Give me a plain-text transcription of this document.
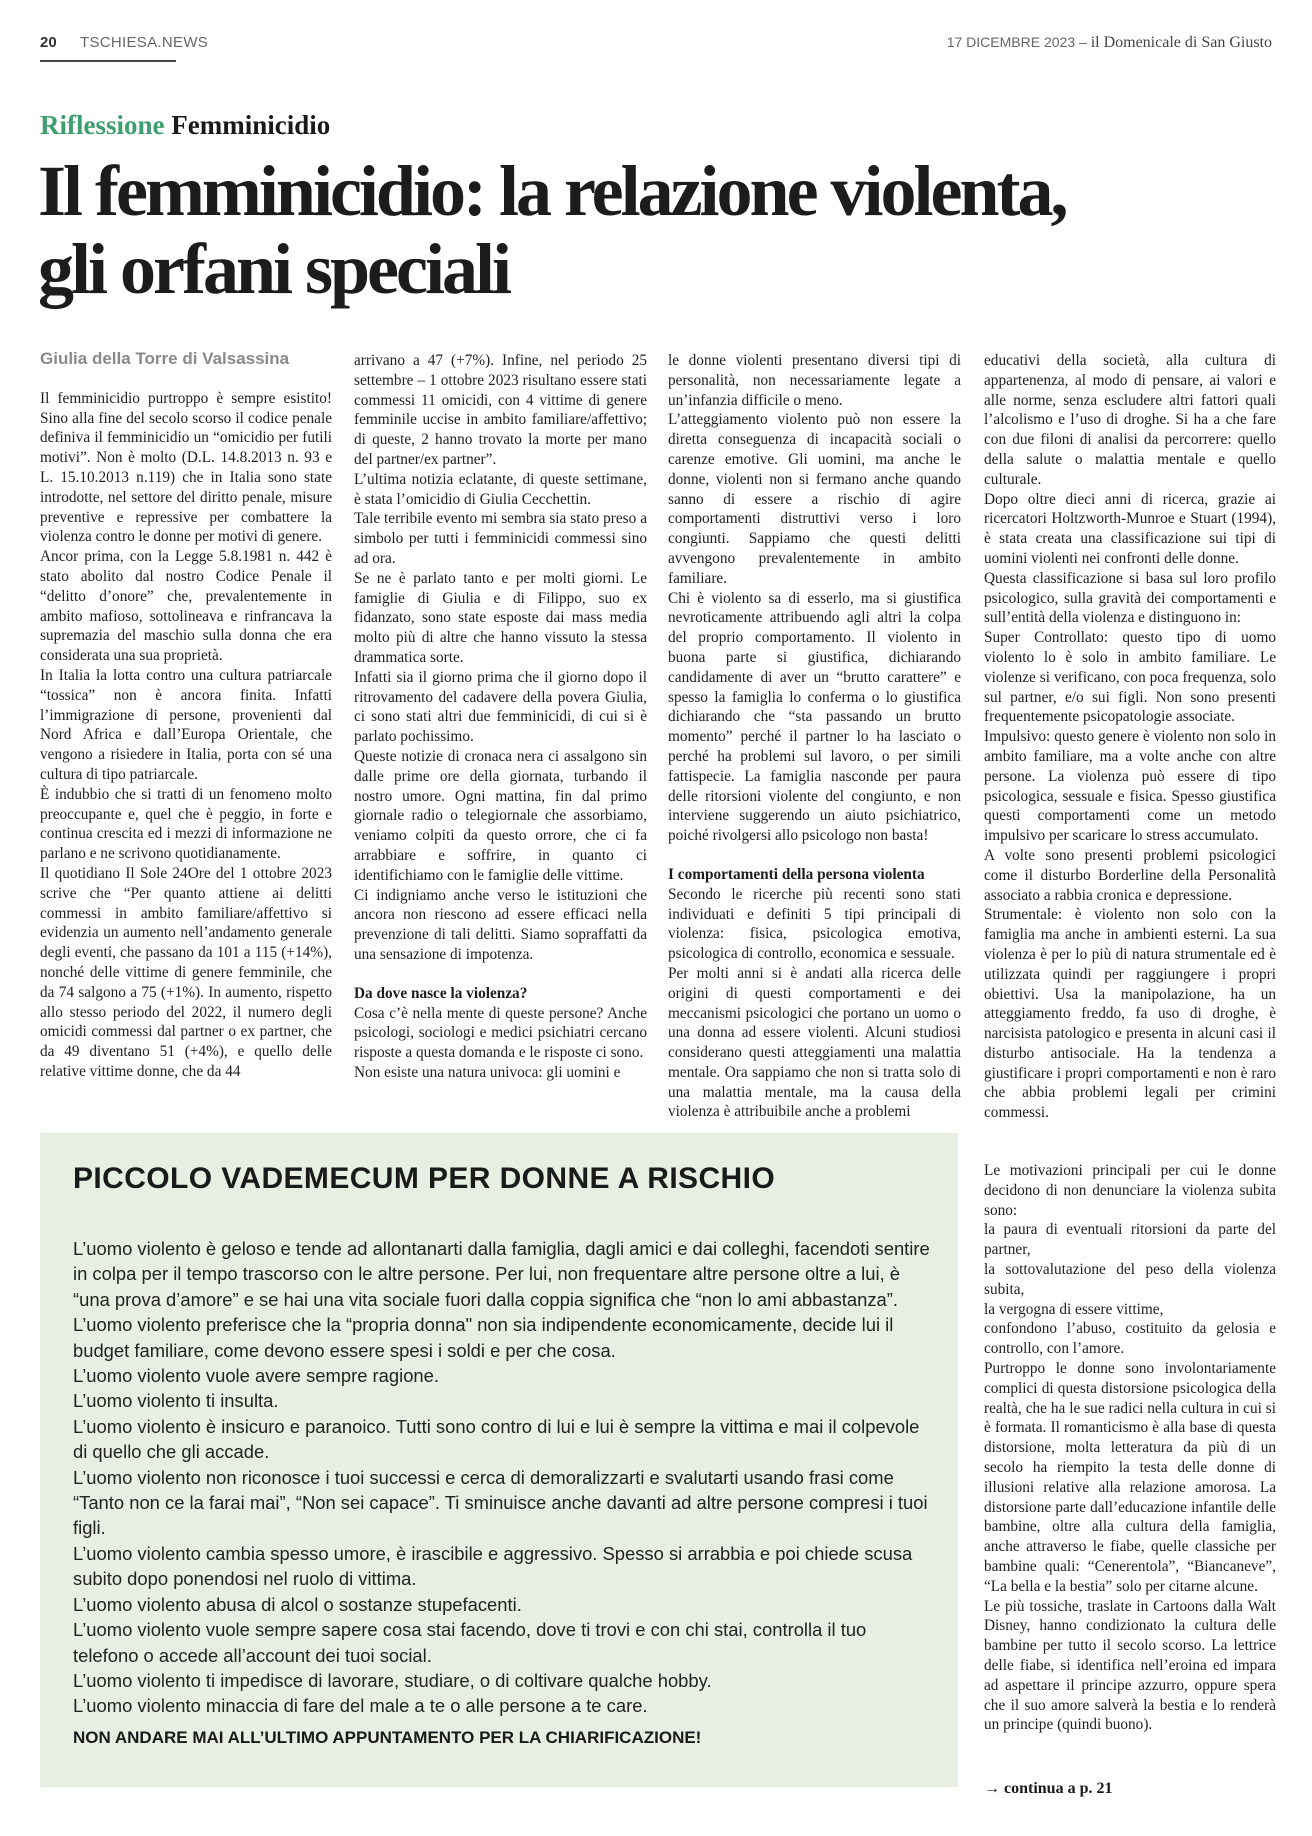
20 TSCHIESA.NEWS	17 DICEMBRE 2023 – il Domenicale di San Giusto
Riflessione Femminicidio
Il femminicidio: la relazione violenta,
gli orfani speciali
Giulia della Torre di Valsassina

Il femminicidio purtroppo è sempre esistito! Sino alla fine del secolo scorso il codice penale definiva il femminicidio un “omicidio per futili motivi”. Non è molto (D.L. 14.8.2013 n. 93 e L. 15.10.2013 n.119) che in Italia sono state introdotte, nel settore del diritto penale, misure preventive e repressive per combattere la violenza contro le donne per motivi di genere.

Ancor prima, con la Legge 5.8.1981 n. 442 è stato abolito dal nostro Codice Penale il “delitto d’onore” che, prevalentemente in ambito mafioso, sottolineava e rinfrancava la supremazia del maschio sulla donna che era considerata una sua proprietà.

In Italia la lotta contro una cultura patriarcale “tossica” non è ancora finita. Infatti l’immigrazione di persone, provenienti dal Nord Africa e dall’Europa Orientale, che vengono a risiedere in Italia, porta con sé una cultura di tipo patriarcale.

È indubbio che si tratti di un fenomeno molto preoccupante e, quel che è peggio, in forte e continua crescita ed i mezzi di informazione ne parlano e ne scrivono quotidianamente.

Il quotidiano Il Sole 24Ore del 1 ottobre 2023 scrive che “Per quanto attiene ai delitti commessi in ambito familiare/affettivo si evidenzia un aumento nell’andamento generale degli eventi, che passano da 101 a 115 (+14%), nonché delle vittime di genere femminile, che da 74 salgono a 75 (+1%). In aumento, rispetto allo stesso periodo del 2022, il numero degli omicidi commessi dal partner o ex partner, che da 49 diventano 51 (+4%), e quello delle relative vittime donne, che da 44

arrivano a 47 (+7%). Infine, nel periodo 25 settembre – 1 ottobre 2023 risultano essere stati commessi 11 omicidi, con 4 vittime di genere femminile uccise in ambito familiare/affettivo; di queste, 2 hanno trovato la morte per mano del partner/ex partner”.

L’ultima notizia eclatante, di queste settimane, è stata l’omicidio di Giulia Cecchettin.

Tale terribile evento mi sembra sia stato preso a simbolo per tutti i femminicidi commessi sino ad ora.

Se ne è parlato tanto e per molti giorni. Le famiglie di Giulia e di Filippo, suo ex fidanzato, sono state esposte dai mass media molto più di altre che hanno vissuto la stessa drammatica sorte.

Infatti sia il giorno prima che il giorno dopo il ritrovamento del cadavere della povera Giulia, ci sono stati altri due femminicidi, di cui si è parlato pochissimo.

Queste notizie di cronaca nera ci assalgono sin dalle prime ore della giornata, turbando il nostro umore. Ogni mattina, fin dal primo giornale radio o telegiornale che assorbiamo, veniamo colpiti da questo orrore, che ci fa arrabbiare e soffrire, in quanto ci identifichiamo con le famiglie delle vittime.

Ci indigniamo anche verso le istituzioni che ancora non riescono ad essere efficaci nella prevenzione di tali delitti. Siamo sopraffatti da una sensazione di impotenza.

Da dove nasce la violenza?

Cosa c’è nella mente di queste persone? Anche psicologi, sociologi e medici psichiatri cercano risposte a questa domanda e le risposte ci sono.

Non esiste una natura univoca: gli uomini e

le donne violenti presentano diversi tipi di personalità, non necessariamente legate a un’infanzia difficile o meno.

L’atteggiamento violento può non essere la diretta conseguenza di incapacità sociali o carenze emotive. Gli uomini, ma anche le donne, violenti non si fermano anche quando sanno di essere a rischio di agire comportamenti distruttivi verso i loro congiunti. Sappiamo che questi delitti avvengono prevalentemente in ambito familiare.

Chi è violento sa di esserlo, ma si giustifica nevroticamente attribuendo agli altri la colpa del proprio comportamento. Il violento in buona parte si giustifica, dichiarando candidamente di aver un “brutto carattere” e spesso la famiglia lo conferma o lo giustifica dichiarando che “sta passando un brutto momento” perché il partner lo ha lasciato o perché ha problemi sul lavoro, o per simili fattispecie. La famiglia nasconde per paura delle ritorsioni violente del congiunto, e non interviene suggerendo un aiuto psichiatrico, poiché rivolgersi allo psicologo non basta!

I comportamenti della persona violenta

Secondo le ricerche più recenti sono stati individuati e definiti 5 tipi principali di violenza: fisica, psicologica emotiva, psicologica di controllo, economica e sessuale.

Per molti anni si è andati alla ricerca delle origini di questi comportamenti e dei meccanismi psicologici che portano un uomo o una donna ad essere violenti. Alcuni studiosi considerano questi atteggiamenti una malattia mentale. Ora sappiamo che non si tratta solo di una malattia mentale, ma la causa della violenza è attribuibile anche a problemi

educativi della società, alla cultura di appartenenza, al modo di pensare, ai valori e alle norme, senza escludere altri fattori quali l’alcolismo e l’uso di droghe. Si ha a che fare con due filoni di analisi da percorrere: quello della salute o malattia mentale e quello culturale.

Dopo oltre dieci anni di ricerca, grazie ai ricercatori Holtzworth-Munroe e Stuart (1994), è stata creata una classificazione sui tipi di uomini violenti nei confronti delle donne.

Questa classificazione si basa sul loro profilo psicologico, sulla gravità dei comportamenti e sull’entità della violenza e distinguono in:

Super Controllato: questo tipo di uomo violento lo è solo in ambito familiare. Le violenze si verificano, con poca frequenza, solo sul partner, e/o sui figli. Non sono presenti frequentemente psicopatologie associate.

Impulsivo: questo genere è violento non solo in ambito familiare, ma a volte anche con altre persone. La violenza può essere di tipo psicologica, sessuale e fisica. Spesso giustifica questi comportamenti come un metodo impulsivo per scaricare lo stress accumulato.

A volte sono presenti problemi psicologici come il disturbo Borderline della Personalità associato a rabbia cronica e depressione.

Strumentale: è violento non solo con la famiglia ma anche in ambienti esterni. La sua violenza è per lo più di natura strumentale ed è utilizzata quindi per raggiungere i propri obiettivi. Usa la manipolazione, ha un atteggiamento freddo, fa uso di droghe, è narcisista patologico e presenta in alcuni casi il disturbo antisociale. Ha la tendenza a giustificare i propri comportamenti e non è raro che abbia problemi legali per crimini commessi.

Le motivazioni principali per cui le donne decidono di non denunciare la violenza subita sono:

la paura di eventuali ritorsioni da parte del partner,

la sottovalutazione del peso della violenza subita,

la vergogna di essere vittime,

confondono l’abuso, costituito da gelosia e controllo, con l’amore.

Purtroppo le donne sono involontariamente complici di questa distorsione psicologica della realtà, che ha le sue radici nella cultura in cui si è formata. Il romanticismo è alla base di questa distorsione, molta letteratura da più di un secolo ha riempito la testa delle donne di illusioni relative alla relazione amorosa. La distorsione parte dall’educazione infantile delle bambine, oltre alla cultura della famiglia, anche attraverso le fiabe, quelle classiche per bambine quali: “Cenerentola”, “Biancaneve”, “La bella e la bestia” solo per citarne alcune.

Le più tossiche, traslate in Cartoons dalla Walt Disney, hanno condizionato la cultura delle bambine per tutto il secolo scorso. La lettrice delle fiabe, si identifica nell’eroina ed impara ad aspettare il principe azzurro, oppure spera che il suo amore salverà la bestia e lo renderà un principe (quindi buono).

→ continua a p. 21
PICCOLO VADEMECUM PER DONNE A RISCHIO

L’uomo violento è geloso e tende ad allontanarti dalla famiglia, dagli amici e dai colleghi, facendoti sentire in colpa per il tempo trascorso con le altre persone. Per lui, non frequentare altre persone oltre a lui, è “una prova d’amore” e se hai una vita sociale fuori dalla coppia significa che “non lo ami abbastanza”.

L’uomo violento preferisce che la “propria donna" non sia indipendente economicamente, decide lui il budget familiare, come devono essere spesi i soldi e per che cosa.

L’uomo violento vuole avere sempre ragione.

L’uomo violento ti insulta.

L’uomo violento è insicuro e paranoico. Tutti sono contro di lui e lui è sempre la vittima e mai il colpevole di quello che gli accade.

L’uomo violento non riconosce i tuoi successi e cerca di demoralizzarti e svalutarti usando frasi come “Tanto non ce la farai mai”, “Non sei capace”. Ti sminuisce anche davanti ad altre persone compresi i tuoi figli.

L’uomo violento cambia spesso umore, è irascibile e aggressivo. Spesso si arrabbia e poi chiede scusa subito dopo ponendosi nel ruolo di vittima.

L’uomo violento abusa di alcol o sostanze stupefacenti.

L’uomo violento vuole sempre sapere cosa stai facendo, dove ti trovi e con chi stai, controlla il tuo telefono o accede all’account dei tuoi social.

L’uomo violento ti impedisce di lavorare, studiare, o di coltivare qualche hobby.

L’uomo violento minaccia di fare del male a te o alle persone a te care.

NON ANDARE MAI ALL’ULTIMO APPUNTAMENTO PER LA CHIARIFICAZIONE!
